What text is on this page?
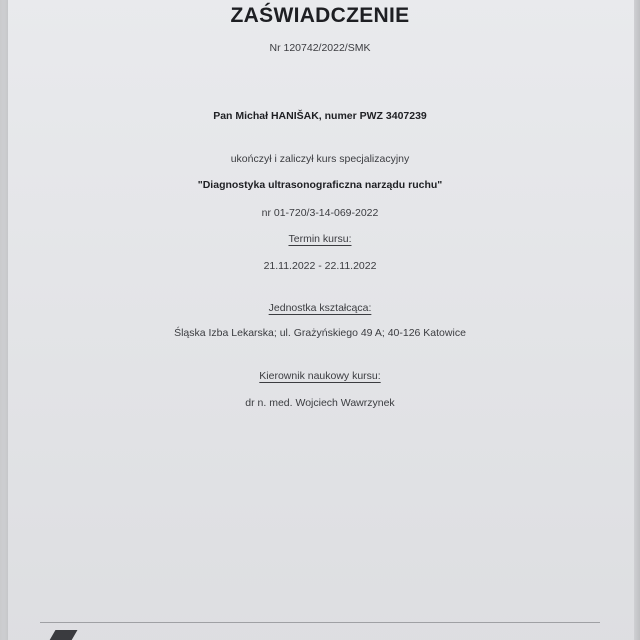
ZAŚWIADCZENIE
Nr 120742/2022/SMK
Pan Michał HANIŠAK, numer PWZ 3407239
ukończył i zaliczył kurs specjalizacyjny
"Diagnostyka ultrasonograficzna narządu ruchu"
nr 01-720/3-14-069-2022
Termin kursu:
21.11.2022 - 22.11.2022
Jednostka kształcąca:
Śląska Izba Lekarska; ul. Grażyńskiego 49 A; 40-126 Katowice
Kierownik naukowy kursu:
dr n. med. Wojciech Wawrzynek
